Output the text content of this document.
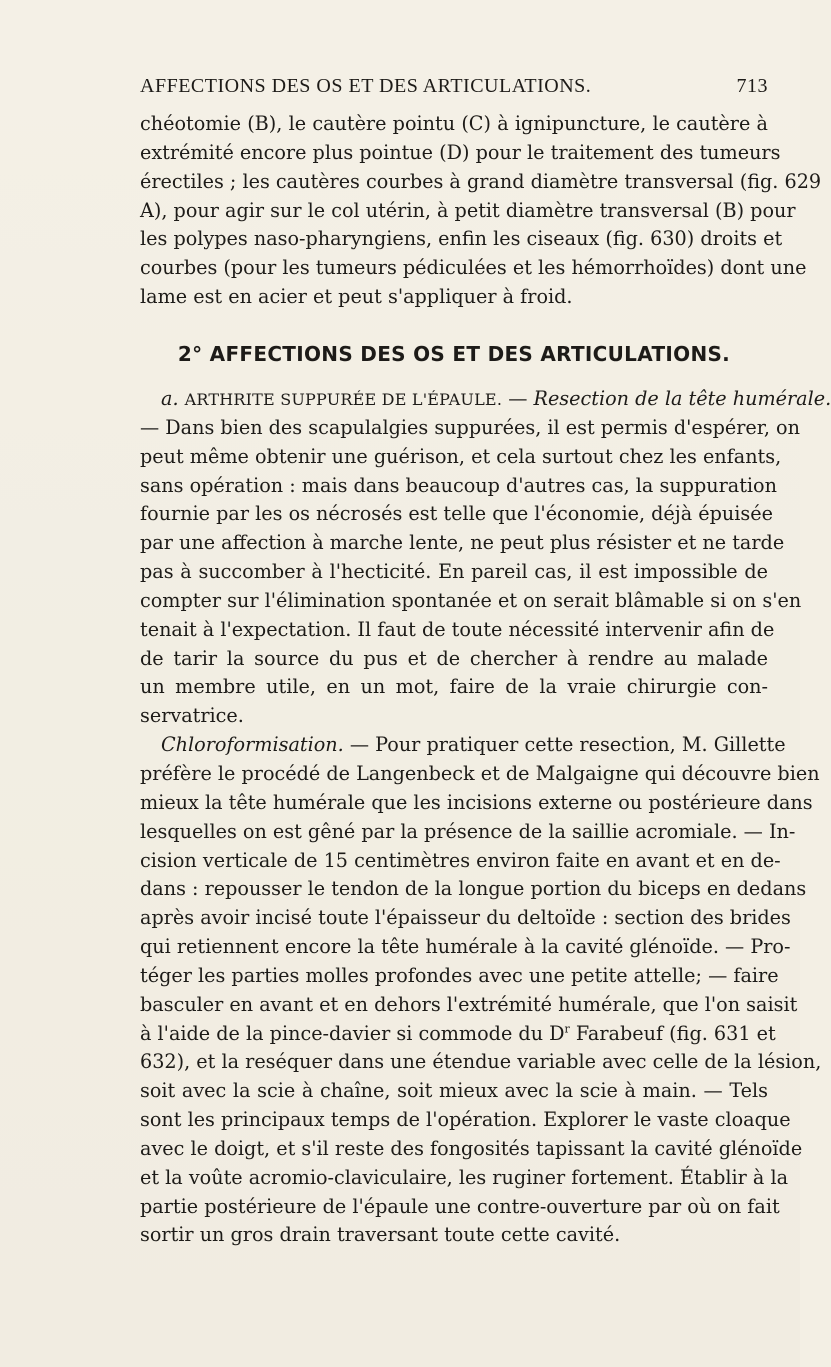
AFFECTIONS DES OS ET DES ARTICULATIONS.	713
chéotomie (B), le cautère pointu (C) à ignipuncture, le cautère à
extrémité encore plus pointue (D) pour le traitement des tumeurs
érectiles ; les cautères courbes à grand diamètre transversal (fig. 629
A), pour agir sur le col utérin, à petit diamètre transversal (B) pour
les polypes naso-pharyngiens, enfin les ciseaux (fig. 630) droits et
courbes (pour les tumeurs pédiculées et les hémorrhoïdes) dont une
lame est en acier et peut s'appliquer à froid.
2° AFFECTIONS DES OS ET DES ARTICULATIONS.
a. ARTHRITE SUPPURÉE DE L'ÉPAULE. — Resection de la tête humérale.
— Dans bien des scapulalgies suppurées, il est permis d'espérer, on
peut même obtenir une guérison, et cela surtout chez les enfants,
sans opération : mais dans beaucoup d'autres cas, la suppuration
fournie par les os nécrosés est telle que l'économie, déjà épuisée
par une affection à marche lente, ne peut plus résister et ne tarde
pas à succomber à l'hecticité. En pareil cas, il est impossible de
compter sur l'élimination spontanée et on serait blâmable si on s'en
tenait à l'expectation. Il faut de toute nécessité intervenir afin de
de tarir la source du pus et de chercher à rendre au malade
un membre utile, en un mot, faire de la vraie chirurgie con-
servatrice.
Chloroformisation. — Pour pratiquer cette resection, M. Gillette
préfère le procédé de Langenbeck et de Malgaigne qui découvre bien
mieux la tête humérale que les incisions externe ou postérieure dans
lesquelles on est gêné par la présence de la saillie acromiale. — In-
cision verticale de 15 centimètres environ faite en avant et en de-
dans : repousser le tendon de la longue portion du biceps en dedans
après avoir incisé toute l'épaisseur du deltoïde : section des brides
qui retiennent encore la tête humérale à la cavité glénoïde. — Pro-
téger les parties molles profondes avec une petite attelle; — faire
basculer en avant et en dehors l'extrémité humérale, que l'on saisit
à l'aide de la pince-davier si commode du $D^r$ Farabeuf (fig. 631 et
632), et la reséquer dans une étendue variable avec celle de la lésion,
soit avec la scie à chaîne, soit mieux avec la scie à main. — Tels
sont les principaux temps de l'opération. Explorer le vaste cloaque
avec le doigt, et s'il reste des fongosités tapissant la cavité glénoïde
et la voûte acromio-claviculaire, les ruginer fortement. Établir à la
partie postérieure de l'épaule une contre-ouverture par où on fait
sortir un gros drain traversant toute cette cavité.
